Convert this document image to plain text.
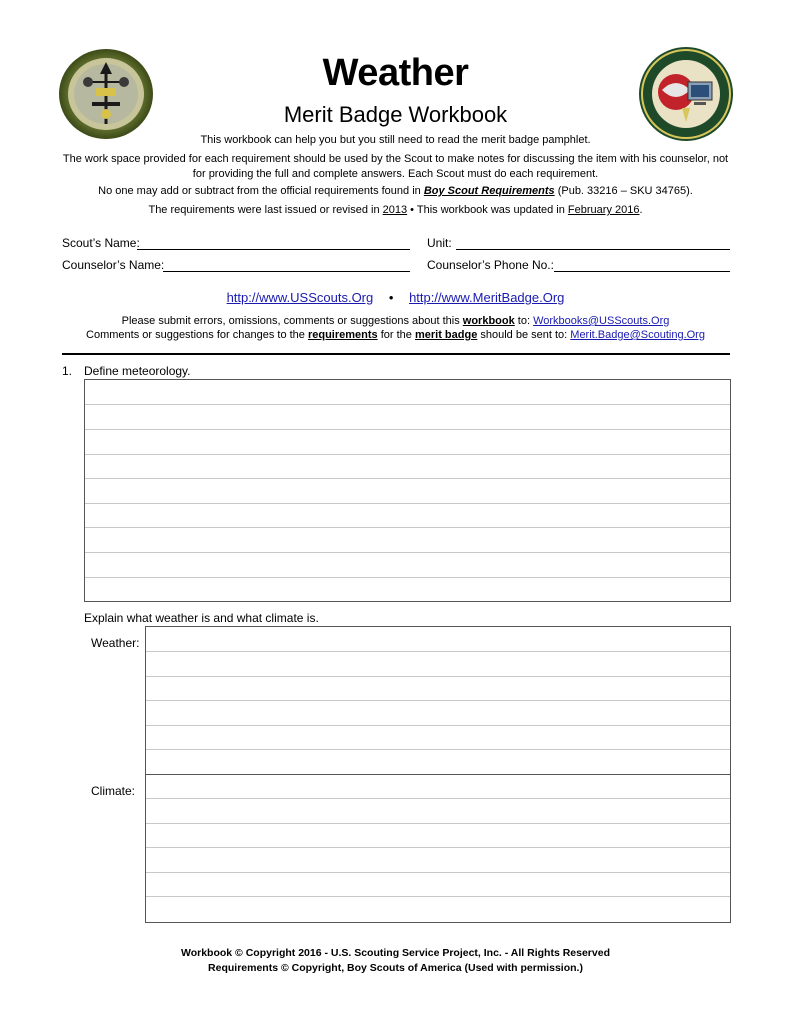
Weather
Merit Badge Workbook
This workbook can help you but you still need to read the merit badge pamphlet.
The work space provided for each requirement should be used by the Scout to make notes for discussing the item with his counselor, not for providing the full and complete answers. Each Scout must do each requirement.
No one may add or subtract from the official requirements found in Boy Scout Requirements (Pub. 33216 – SKU 34765).
The requirements were last issued or revised in 2013 • This workbook was updated in February 2016.
Scout’s Name:	Unit:
Counselor’s Name:	Counselor’s Phone No.:
http://www.USScouts.Org • http://www.MeritBadge.Org
Please submit errors, omissions, comments or suggestions about this workbook to: Workbooks@USScouts.Org
Comments or suggestions for changes to the requirements for the merit badge should be sent to: Merit.Badge@Scouting.Org
1. Define meteorology.
Explain what weather is and what climate is.
Weather:
Climate:
Workbook © Copyright 2016 - U.S. Scouting Service Project, Inc. - All Rights Reserved
Requirements © Copyright, Boy Scouts of America (Used with permission.)
